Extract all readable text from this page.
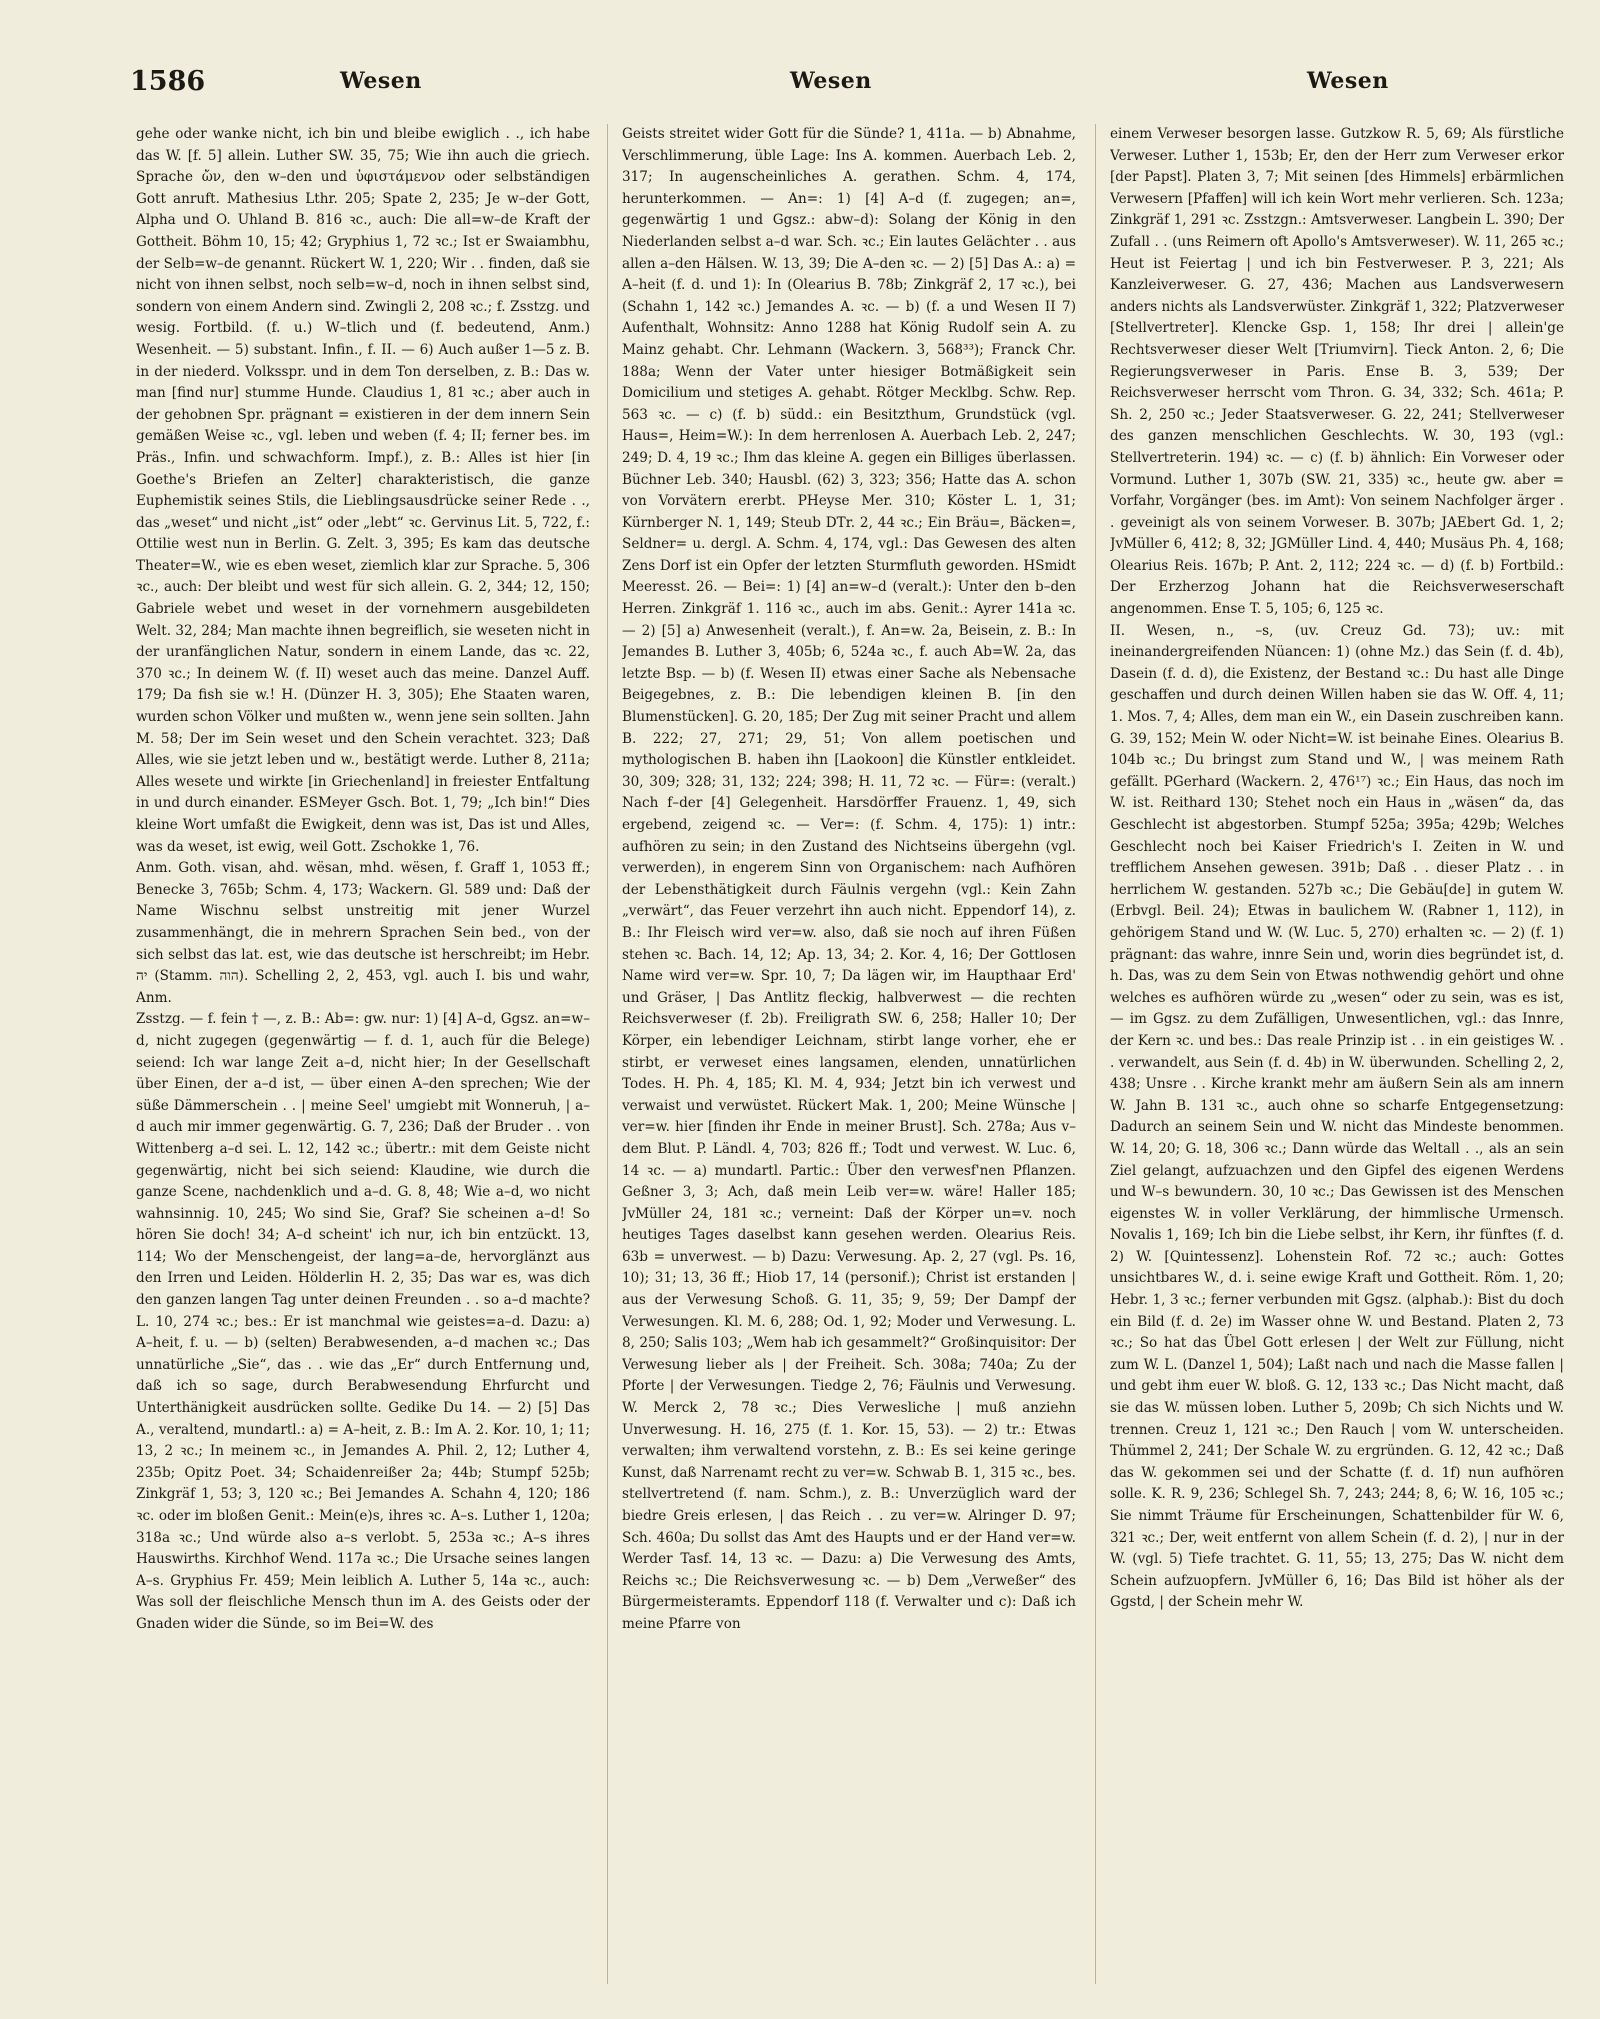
1586	Wesen	Wesen	Wesen

gehe oder wanke nicht, ich bin und bleibe ewiglich . ., ich habe das W. [f. 5] allein. Luther SW. 35, 75; Wie ihn auch die griech. Sprache ὤν, den w–den und ὑφιστάμενον oder selbständigen Gott anruft. Mathesius Lthr. 205; Spate 2, 235; Je w–der Gott, Alpha und O. Uhland B. 816 ꝛc., auch: Die all=w–de Kraft der Gottheit. Böhm 10, 15; 42; Gryphius 1, 72 ꝛc.; Ist er Swaiambhu, der Selb=w–de genannt. Rückert W. 1, 220; Wir . . finden, daß sie nicht von ihnen selbst, noch selb=w–d, noch in ihnen selbst sind, sondern von einem Andern sind. Zwingli 2, 208 ꝛc.; f. Zsstzg. und wesig. Fortbild. (f. u.) W–tlich und (f. bedeutend, Anm.) Wesenheit. — 5) substant. Infin., f. II. — 6) Auch außer 1—5 z. B. in der niederd. Volksspr. und in dem Ton derselben, z. B.: Das w. man [find nur] stumme Hunde. Claudius 1, 81 ꝛc.; aber auch in der gehobnen Spr. prägnant = existieren in der dem innern Sein gemäßen Weise ꝛc., vgl. leben und weben (f. 4; II; ferner bes. im Präs., Infin. und schwachform. Impf.), z. B.: Alles ist hier [in Goethe's Briefen an Zelter] charakteristisch, die ganze Euphemistik seines Stils, die Lieblingsausdrücke seiner Rede . ., das „weset“ und nicht „ist“ oder „lebt“ ꝛc. Gervinus Lit. 5, 722, f.: Ottilie west nun in Berlin. G. Zelt. 3, 395; Es kam das deutsche Theater=W., wie es eben weset, ziemlich klar zur Sprache. 5, 306 ꝛc., auch: Der bleibt und west für sich allein. G. 2, 344; 12, 150; Gabriele webet und weset in der vornehmern ausgebildeten Welt. 32, 284; Man machte ihnen begreiflich, sie weseten nicht in der uranfänglichen Natur, sondern in einem Lande, das ꝛc. 22, 370 ꝛc.; In deinem W. (f. II) weset auch das meine. Danzel Auff. 179; Da fish sie w.! H. (Dünzer H. 3, 305); Ehe Staaten waren, wurden schon Völker und mußten w., wenn jene sein sollten. Jahn M. 58; Der im Sein weset und den Schein verachtet. 323; Daß Alles, wie sie jetzt leben und w., bestätigt werde. Luther 8, 211a; Alles wesete und wirkte [in Griechenland] in freiester Entfaltung in und durch einander. ESMeyer Gsch. Bot. 1, 79; „Ich bin!“ Dies kleine Wort umfaßt die Ewigkeit, denn was ist, Das ist und Alles, was da weset, ist ewig, weil Gott. Zschokke 1, 76.

Anm. Goth. visan, ahd. wësan, mhd. wësen, f. Graff 1, 1053 ff.; Benecke 3, 765b; Schm. 4, 173; Wackern. Gl. 589 und: Daß der Name Wischnu selbst unstreitig mit jener Wurzel zusammenhängt, die in mehrern Sprachen Sein bed., von der sich selbst das lat. est, wie das deutsche ist herschreibt; im Hebr. יה (Stamm. הוה). Schelling 2, 2, 453, vgl. auch I. bis und wahr, Anm.

Zsstzg. — f. fein † —, z. B.: Ab=: gw. nur: 1) [4] A–d, Ggsz. an=w–d, nicht zugegen (gegenwärtig — f. d. 1, auch für die Belege) seiend: Ich war lange Zeit a–d, nicht hier; In der Gesellschaft über Einen, der a–d ist, — über einen A–den sprechen; Wie der süße Dämmerschein . . | meine Seel' umgiebt mit Wonneruh, | a–d auch mir immer gegenwärtig. G. 7, 236; Daß der Bruder . . von Wittenberg a–d sei. L. 12, 142 ꝛc.; übertr.: mit dem Geiste nicht gegenwärtig, nicht bei sich seiend: Klaudine, wie durch die ganze Scene, nachdenklich und a–d. G. 8, 48; Wie a–d, wo nicht wahnsinnig. 10, 245; Wo sind Sie, Graf? Sie scheinen a–d! So hören Sie doch! 34; A–d scheint' ich nur, ich bin entzückt. 13, 114; Wo der Menschengeist, der lang=a–de, hervorglänzt aus den Irren und Leiden. Hölderlin H. 2, 35; Das war es, was dich den ganzen langen Tag unter deinen Freunden . . so a–d machte? L. 10, 274 ꝛc.; bes.: Er ist manchmal wie geistes=a–d. Dazu: a) A–heit, f. u. — b) (selten) Berabwesenden, a–d machen ꝛc.; Das unnatürliche „Sie“, das . . wie das „Er“ durch Entfernung und, daß ich so sage, durch Berabwesendung Ehrfurcht und Unterthänigkeit ausdrücken sollte. Gedike Du 14. — 2) [5] Das A., veraltend, mundartl.: a) = A–heit, z. B.: Im A. 2. Kor. 10, 1; 11; 13, 2 ꝛc.; In meinem ꝛc., in Jemandes A. Phil. 2, 12; Luther 4, 235b; Opitz Poet. 34; Schaidenreißer 2a; 44b; Stumpf 525b; Zinkgräf 1, 53; 3, 120 ꝛc.; Bei Jemandes A. Schahn 4, 120; 186 ꝛc. oder im bloßen Genit.: Mein(e)s, ihres ꝛc. A–s. Luther 1, 120a; 318a ꝛc.; Und würde also a–s verlobt. 5, 253a ꝛc.; A–s ihres Hauswirths. Kirchhof Wend. 117a ꝛc.; Die Ursache seines langen A–s. Gryphius Fr. 459; Mein leiblich A. Luther 5, 14a ꝛc., auch: Was soll der fleischliche Mensch thun im A. des Geists oder der Gnaden wider die Sünde, so im Bei=W. des

Geists streitet wider Gott für die Sünde? 1, 411a. — b) Abnahme, Verschlimmerung, üble Lage: Ins A. kommen. Auerbach Leb. 2, 317; In augenscheinliches A. gerathen. Schm. 4, 174, herunterkommen. — An=: 1) [4] A–d (f. zugegen; an=, gegenwärtig 1 und Ggsz.: abw–d): Solang der König in den Niederlanden selbst a–d war. Sch. ꝛc.; Ein lautes Gelächter . . aus allen a–den Hälsen. W. 13, 39; Die A–den ꝛc. — 2) [5] Das A.: a) = A–heit (f. d. und 1): In (Olearius B. 78b; Zinkgräf 2, 17 ꝛc.), bei (Schahn 1, 142 ꝛc.) Jemandes A. ꝛc. — b) (f. a und Wesen II 7) Aufenthalt, Wohnsitz: Anno 1288 hat König Rudolf sein A. zu Mainz gehabt. Chr. Lehmann (Wackern. 3, 568³³); Franck Chr. 188a; Wenn der Vater unter hiesiger Botmäßigkeit sein Domicilium und stetiges A. gehabt. Rötger Mecklbg. Schw. Rep. 563 ꝛc. — c) (f. b) südd.: ein Besitzthum, Grundstück (vgl. Haus=, Heim=W.): In dem herrenlosen A. Auerbach Leb. 2, 247; 249; D. 4, 19 ꝛc.; Ihm das kleine A. gegen ein Billiges überlassen. Büchner Leb. 340; Hausbl. (62) 3, 323; 356; Hatte das A. schon von Vorvätern ererbt. PHeyse Mer. 310; Köster L. 1, 31; Kürnberger N. 1, 149; Steub DTr. 2, 44 ꝛc.; Ein Bräu=, Bäcken=, Seldner= u. dergl. A. Schm. 4, 174, vgl.: Das Gewesen des alten Zens Dorf ist ein Opfer der letzten Sturmfluth geworden. HSmidt Meeresst. 26. — Bei=: 1) [4] an=w–d (veralt.): Unter den b–den Herren. Zinkgräf 1. 116 ꝛc., auch im abs. Genit.: Ayrer 141a ꝛc. — 2) [5] a) Anwesenheit (veralt.), f. An=w. 2a, Beisein, z. B.: In Jemandes B. Luther 3, 405b; 6, 524a ꝛc., f. auch Ab=W. 2a, das letzte Bsp. — b) (f. Wesen II) etwas einer Sache als Nebensache Beigegebnes, z. B.: Die lebendigen kleinen B. [in den Blumenstücken]. G. 20, 185; Der Zug mit seiner Pracht und allem B. 222; 27, 271; 29, 51; Von allem poetischen und mythologischen B. haben ihn [Laokoon] die Künstler entkleidet. 30, 309; 328; 31, 132; 224; 398; H. 11, 72 ꝛc. — Für=: (veralt.) Nach f–der [4] Gelegenheit. Harsdörffer Frauenz. 1, 49, sich ergebend, zeigend ꝛc. — Ver=: (f. Schm. 4, 175): 1) intr.: aufhören zu sein; in den Zustand des Nichtseins übergehn (vgl. verwerden), in engerem Sinn von Organischem: nach Aufhören der Lebensthätigkeit durch Fäulnis vergehn (vgl.: Kein Zahn „verwärt“, das Feuer verzehrt ihn auch nicht. Eppendorf 14), z. B.: Ihr Fleisch wird ver=w. also, daß sie noch auf ihren Füßen stehen ꝛc. Bach. 14, 12; Ap. 13, 34; 2. Kor. 4, 16; Der Gottlosen Name wird ver=w. Spr. 10, 7; Da lägen wir, im Haupthaar Erd' und Gräser, | Das Antlitz fleckig, halbverwest — die rechten Reichsverweser (f. 2b). Freiligrath SW. 6, 258; Haller 10; Der Körper, ein lebendiger Leichnam, stirbt lange vorher, ehe er stirbt, er verweset eines langsamen, elenden, unnatürlichen Todes. H. Ph. 4, 185; Kl. M. 4, 934; Jetzt bin ich verwest und verwaist und verwüstet. Rückert Mak. 1, 200; Meine Wünsche | ver=w. hier [finden ihr Ende in meiner Brust]. Sch. 278a; Aus v–dem Blut. P. Ländl. 4, 703; 826 ff.; Todt und verwest. W. Luc. 6, 14 ꝛc. — a) mundartl. Partic.: Über den verwesf'nen Pflanzen. Geßner 3, 3; Ach, daß mein Leib ver=w. wäre! Haller 185; JvMüller 24, 181 ꝛc.; verneint: Daß der Körper un=v. noch heutiges Tages daselbst kann gesehen werden. Olearius Reis. 63b = unverwest. — b) Dazu: Verwesung. Ap. 2, 27 (vgl. Ps. 16, 10); 31; 13, 36 ff.; Hiob 17, 14 (personif.); Christ ist erstanden | aus der Verwesung Schoß. G. 11, 35; 9, 59; Der Dampf der Verwesungen. Kl. M. 6, 288; Od. 1, 92; Moder und Verwesung. L. 8, 250; Salis 103; „Wem hab ich gesammelt?“ Großinquisitor: Der Verwesung lieber als | der Freiheit. Sch. 308a; 740a; Zu der Pforte | der Verwesungen. Tiedge 2, 76; Fäulnis und Verwesung. W. Merck 2, 78 ꝛc.; Dies Verwesliche | muß anziehn Unverwesung. H. 16, 275 (f. 1. Kor. 15, 53). — 2) tr.: Etwas verwalten; ihm verwaltend vorstehn, z. B.: Es sei keine geringe Kunst, daß Narrenamt recht zu ver=w. Schwab B. 1, 315 ꝛc., bes. stellvertretend (f. nam. Schm.), z. B.: Unverzüglich ward der biedre Greis erlesen, | das Reich . . zu ver=w. Alringer D. 97; Sch. 460a; Du sollst das Amt des Haupts und er der Hand ver=w. Werder Tasf. 14, 13 ꝛc. — Dazu: a) Die Verwesung des Amts, Reichs ꝛc.; Die Reichsverwesung ꝛc. — b) Dem „Verweßer“ des Bürgermeisteramts. Eppendorf 118 (f. Verwalter und c): Daß ich meine Pfarre von

einem Verweser besorgen lasse. Gutzkow R. 5, 69; Als fürstliche Verweser. Luther 1, 153b; Er, den der Herr zum Verweser erkor [der Papst]. Platen 3, 7; Mit seinen [des Himmels] erbärmlichen Verwesern [Pfaffen] will ich kein Wort mehr verlieren. Sch. 123a; Zinkgräf 1, 291 ꝛc. Zsstzgn.: Amtsverweser. Langbein L. 390; Der Zufall . . (uns Reimern oft Apollo's Amtsverweser). W. 11, 265 ꝛc.; Heut ist Feiertag | und ich bin Festverweser. P. 3, 221; Als Kanzleiverweser. G. 27, 436; Machen aus Landsverwesern anders nichts als Landsverwüster. Zinkgräf 1, 322; Platzverweser [Stellvertreter]. Klencke Gsp. 1, 158; Ihr drei | allein'ge Rechtsverweser dieser Welt [Triumvirn]. Tieck Anton. 2, 6; Die Regierungsverweser in Paris. Ense B. 3, 539; Der Reichsverweser herrscht vom Thron. G. 34, 332; Sch. 461a; P. Sh. 2, 250 ꝛc.; Jeder Staatsverweser. G. 22, 241; Stellverweser des ganzen menschlichen Geschlechts. W. 30, 193 (vgl.: Stellvertreterin. 194) ꝛc. — c) (f. b) ähnlich: Ein Vorweser oder Vormund. Luther 1, 307b (SW. 21, 335) ꝛc., heute gw. aber = Vorfahr, Vorgänger (bes. im Amt): Von seinem Nachfolger ärger . . geveinigt als von seinem Vorweser. B. 307b; JAEbert Gd. 1, 2; JvMüller 6, 412; 8, 32; JGMüller Lind. 4, 440; Musäus Ph. 4, 168; Olearius Reis. 167b; P. Ant. 2, 112; 224 ꝛc. — d) (f. b) Fortbild.: Der Erzherzog Johann hat die Reichsverweserschaft angenommen. Ense T. 5, 105; 6, 125 ꝛc.

II. Wesen, n., –s, (uv. Creuz Gd. 73); uv.: mit ineinandergreifenden Nüancen: 1) (ohne Mz.) das Sein (f. d. 4b), Dasein (f. d. d), die Existenz, der Bestand ꝛc.: Du hast alle Dinge geschaffen und durch deinen Willen haben sie das W. Off. 4, 11; 1. Mos. 7, 4; Alles, dem man ein W., ein Dasein zuschreiben kann. G. 39, 152; Mein W. oder Nicht=W. ist beinahe Eines. Olearius B. 104b ꝛc.; Du bringst zum Stand und W., | was meinem Rath gefällt. PGerhard (Wackern. 2, 476¹⁷) ꝛc.; Ein Haus, das noch im W. ist. Reithard 130; Stehet noch ein Haus in „wäsen“ da, das Geschlecht ist abgestorben. Stumpf 525a; 395a; 429b; Welches Geschlecht noch bei Kaiser Friedrich's I. Zeiten in W. und trefflichem Ansehen gewesen. 391b; Daß . . dieser Platz . . in herrlichem W. gestanden. 527b ꝛc.; Die Gebäu[de] in gutem W. (Erbvgl. Beil. 24); Etwas in baulichem W. (Rabner 1, 112), in gehörigem Stand und W. (W. Luc. 5, 270) erhalten ꝛc. — 2) (f. 1) prägnant: das wahre, innre Sein und, worin dies begründet ist, d. h. Das, was zu dem Sein von Etwas nothwendig gehört und ohne welches es aufhören würde zu „wesen“ oder zu sein, was es ist, — im Ggsz. zu dem Zufälligen, Unwesentlichen, vgl.: das Innre, der Kern ꝛc. und bes.: Das reale Prinzip ist . . in ein geistiges W. . . verwandelt, aus Sein (f. d. 4b) in W. überwunden. Schelling 2, 2, 438; Unsre . . Kirche krankt mehr am äußern Sein als am innern W. Jahn B. 131 ꝛc., auch ohne so scharfe Entgegensetzung: Dadurch an seinem Sein und W. nicht das Mindeste benommen. W. 14, 20; G. 18, 306 ꝛc.; Dann würde das Weltall . ., als an sein Ziel gelangt, aufzuachzen und den Gipfel des eigenen Werdens und W–s bewundern. 30, 10 ꝛc.; Das Gewissen ist des Menschen eigenstes W. in voller Verklärung, der himmlische Urmensch. Novalis 1, 169; Ich bin die Liebe selbst, ihr Kern, ihr fünftes (f. d. 2) W. [Quintessenz]. Lohenstein Rof. 72 ꝛc.; auch: Gottes unsichtbares W., d. i. seine ewige Kraft und Gottheit. Röm. 1, 20; Hebr. 1, 3 ꝛc.; ferner verbunden mit Ggsz. (alphab.): Bist du doch ein Bild (f. d. 2e) im Wasser ohne W. und Bestand. Platen 2, 73 ꝛc.; So hat das Übel Gott erlesen | der Welt zur Füllung, nicht zum W. L. (Danzel 1, 504); Laßt nach und nach die Masse fallen | und gebt ihm euer W. bloß. G. 12, 133 ꝛc.; Das Nicht macht, daß sie das W. müssen loben. Luther 5, 209b; Ch sich Nichts und W. trennen. Creuz 1, 121 ꝛc.; Den Rauch | vom W. unterscheiden. Thümmel 2, 241; Der Schale W. zu ergründen. G. 12, 42 ꝛc.; Daß das W. gekommen sei und der Schatte (f. d. 1f) nun aufhören solle. K. R. 9, 236; Schlegel Sh. 7, 243; 244; 8, 6; W. 16, 105 ꝛc.; Sie nimmt Träume für Erscheinungen, Schattenbilder für W. 6, 321 ꝛc.; Der, weit entfernt von allem Schein (f. d. 2), | nur in der W. (vgl. 5) Tiefe trachtet. G. 11, 55; 13, 275; Das W. nicht dem Schein aufzuopfern. JvMüller 6, 16; Das Bild ist höher als der Ggstd, | der Schein mehr W.
